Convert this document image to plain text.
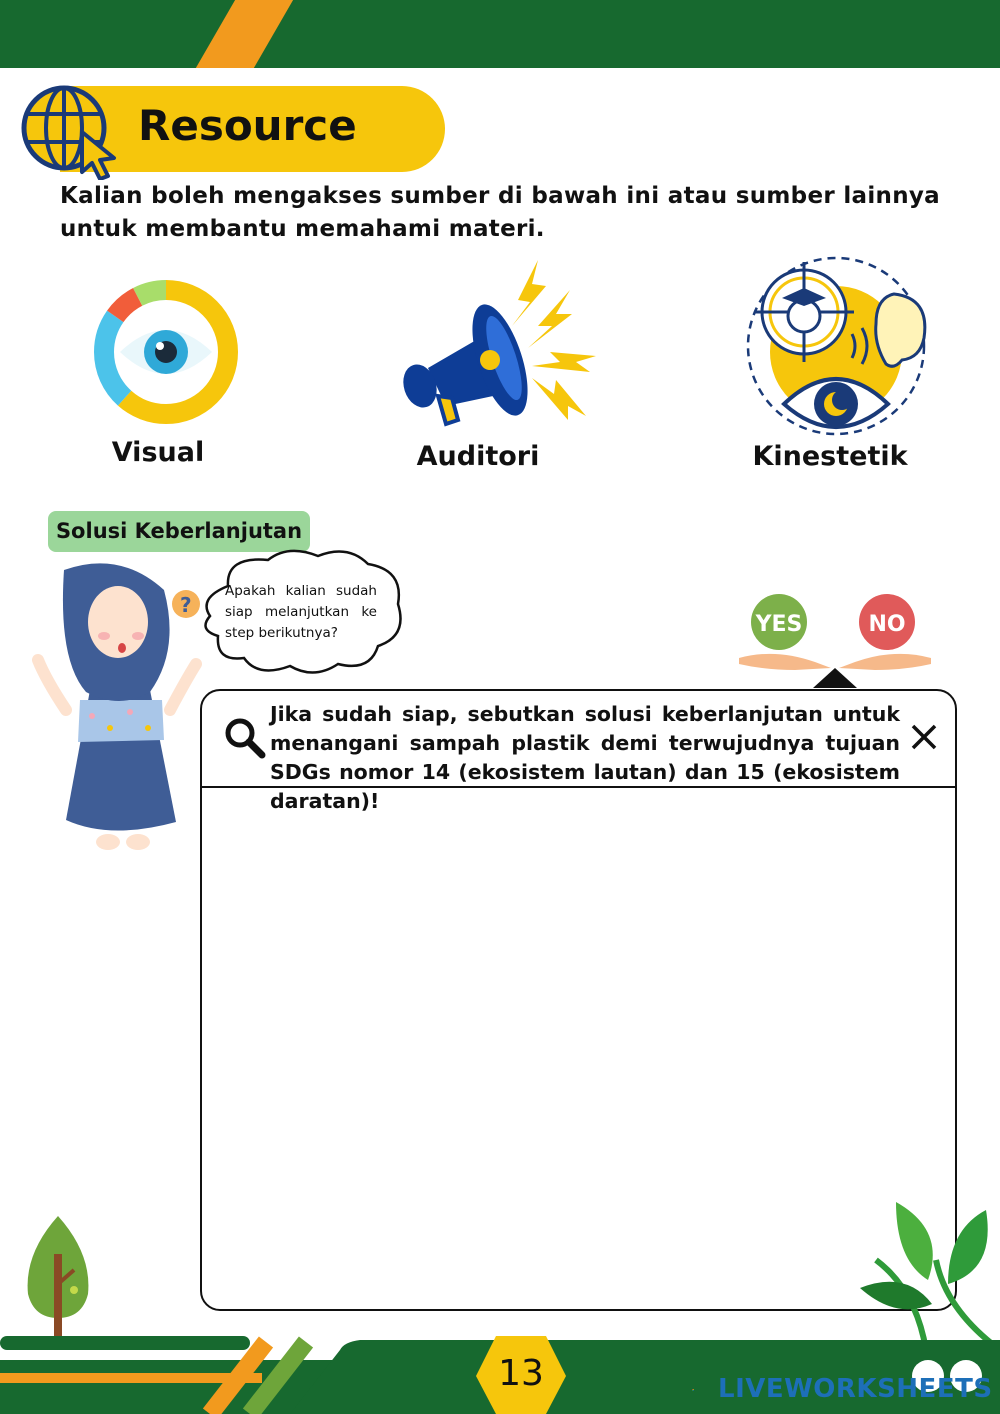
Resource
Kalian boleh mengakses sumber di bawah ini atau sumber lainnya untuk membantu memahami materi.
Visual	Auditori	Kinestetik
Solusi Keberlanjutan
?
Apakah kalian sudah siap melanjutkan ke step berikutnya?	YES	NO
Jika sudah siap, sebutkan solusi keberlanjutan untuk menangani sampah plastik demi terwujudnya tujuan SDGs nomor 14 (ekosistem lautan) dan 15 (ekosistem daratan)!
13	LIVEWORKSHEETS
